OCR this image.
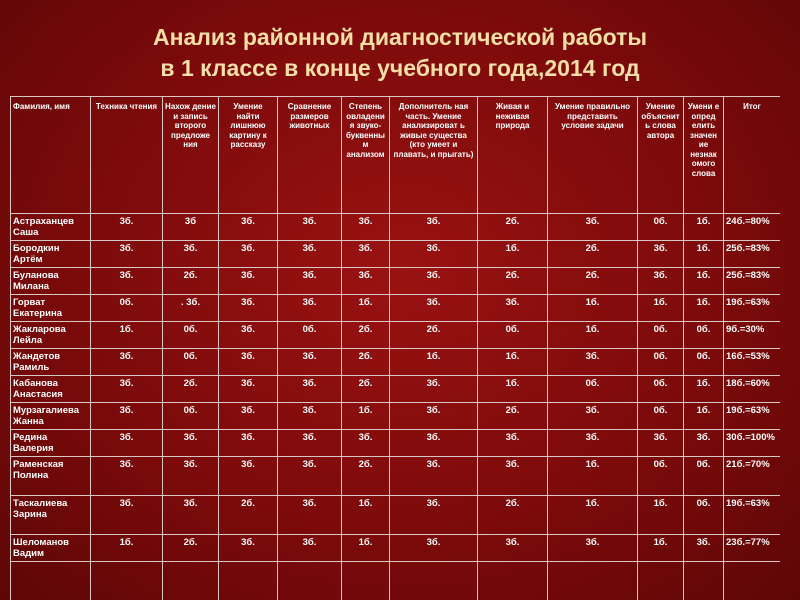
Анализ районной диагностической работы
в 1 классе в конце учебного года,2014 год
Фамилия, имя	Техника чтения	Нахож дение и запись второго предложе ния	Умение найти лишнюю картину к рассказу	Сравнение размеров животных	Степень овладени я звуко-буквенны м анализом	Дополнитель ная часть. Умение анализироват ь живые существа (кто умеет и плавать, и прыгать)	Живая и неживая природа	Умение правильно представить условие задачи	Умение объяснит ь слова автора	Умени е опред елить значен ие незнак омого слова	Итог
Астраханцев Саша	3б.	3б	3б.	3б.	3б.	3б.	2б.	3б.	0б.	1б.	24б.=80%
Бородкин Артём	3б.	3б.	3б.	3б.	3б.	3б.	1б.	2б.	3б.	1б.	25б.=83%
Буланова Милана	3б.	2б.	3б.	3б.	3б.	3б.	2б.	2б.	3б.	1б.	25б.=83%
Горват Екатерина	0б.	. 3б.	3б.	3б.	1б.	3б.	3б.	1б.	1б.	1б.	19б.=63%
Жакларова Лейла	1б.	0б.	3б.	0б.	2б.	2б.	0б.	1б.	0б.	0б.	9б.=30%
Жандетов Рамиль	3б.	0б.	3б.	3б.	2б.	1б.	1б.	3б.	0б.	0б.	16б.=53%
Кабанова Анастасия	3б.	2б.	3б.	3б.	2б.	3б.	1б.	0б.	0б.	1б.	18б.=60%
Мурзагалиева Жанна	3б.	0б.	3б.	3б.	1б.	3б.	2б.	3б.	0б.	1б.	19б.=63%
Редина Валерия	3б.	3б.	3б.	3б.	3б.	3б.	3б.	3б.	3б.	3б.	30б.=100%
Раменская Полина	3б.	3б.	3б.	3б.	2б.	3б.	3б.	1б.	0б.	0б.	21б.=70%
Таскалиева Зарина	3б.	3б.	2б.	3б.	1б.	3б.	2б.	1б.	1б.	0б.	19б.=63%
Шеломанов Вадим	1б.	2б.	3б.	3б.	1б.	3б.	3б.	3б.	1б.	3б.	23б.=77%
